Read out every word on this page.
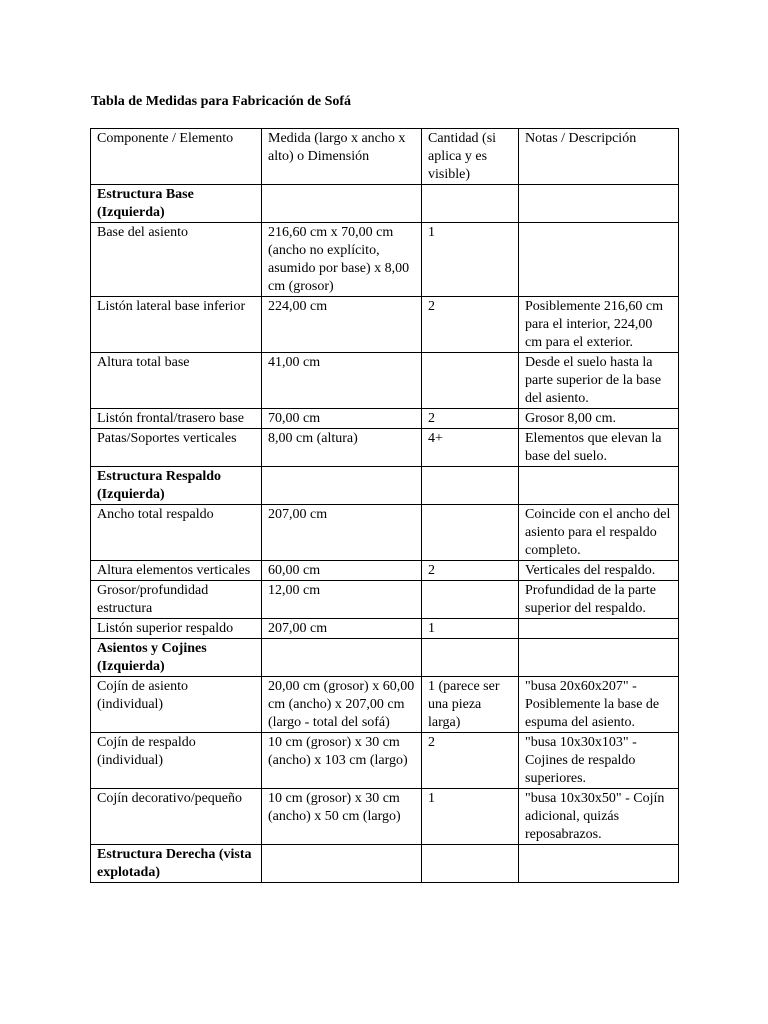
Tabla de Medidas para Fabricación de Sofá
Componente / Elemento	Medida (largo x ancho x alto) o Dimensión	Cantidad (si aplica y es visible)	Notas / Descripción
Estructura Base (Izquierda)			
Base del asiento	216,60 cm x 70,00 cm (ancho no explícito, asumido por base) x 8,00 cm (grosor)	1	
Listón lateral base inferior	224,00 cm	2	Posiblemente 216,60 cm para el interior, 224,00 cm para el exterior.
Altura total base	41,00 cm		Desde el suelo hasta la parte superior de la base del asiento.
Listón frontal/trasero base	70,00 cm	2	Grosor 8,00 cm.
Patas/Soportes verticales	8,00 cm (altura)	4+	Elementos que elevan la base del suelo.
Estructura Respaldo (Izquierda)			
Ancho total respaldo	207,00 cm		Coincide con el ancho del asiento para el respaldo completo.
Altura elementos verticales	60,00 cm	2	Verticales del respaldo.
Grosor/profundidad estructura	12,00 cm		Profundidad de la parte superior del respaldo.
Listón superior respaldo	207,00 cm	1	
Asientos y Cojines (Izquierda)			
Cojín de asiento (individual)	20,00 cm (grosor) x 60,00 cm (ancho) x 207,00 cm (largo - total del sofá)	1 (parece ser una pieza larga)	"busa 20x60x207" - Posiblemente la base de espuma del asiento.
Cojín de respaldo (individual)	10 cm (grosor) x 30 cm (ancho) x 103 cm (largo)	2	"busa 10x30x103" - Cojines de respaldo superiores.
Cojín decorativo/pequeño	10 cm (grosor) x 30 cm (ancho) x 50 cm (largo)	1	"busa 10x30x50" - Cojín adicional, quizás reposabrazos.
Estructura Derecha (vista explotada)			
